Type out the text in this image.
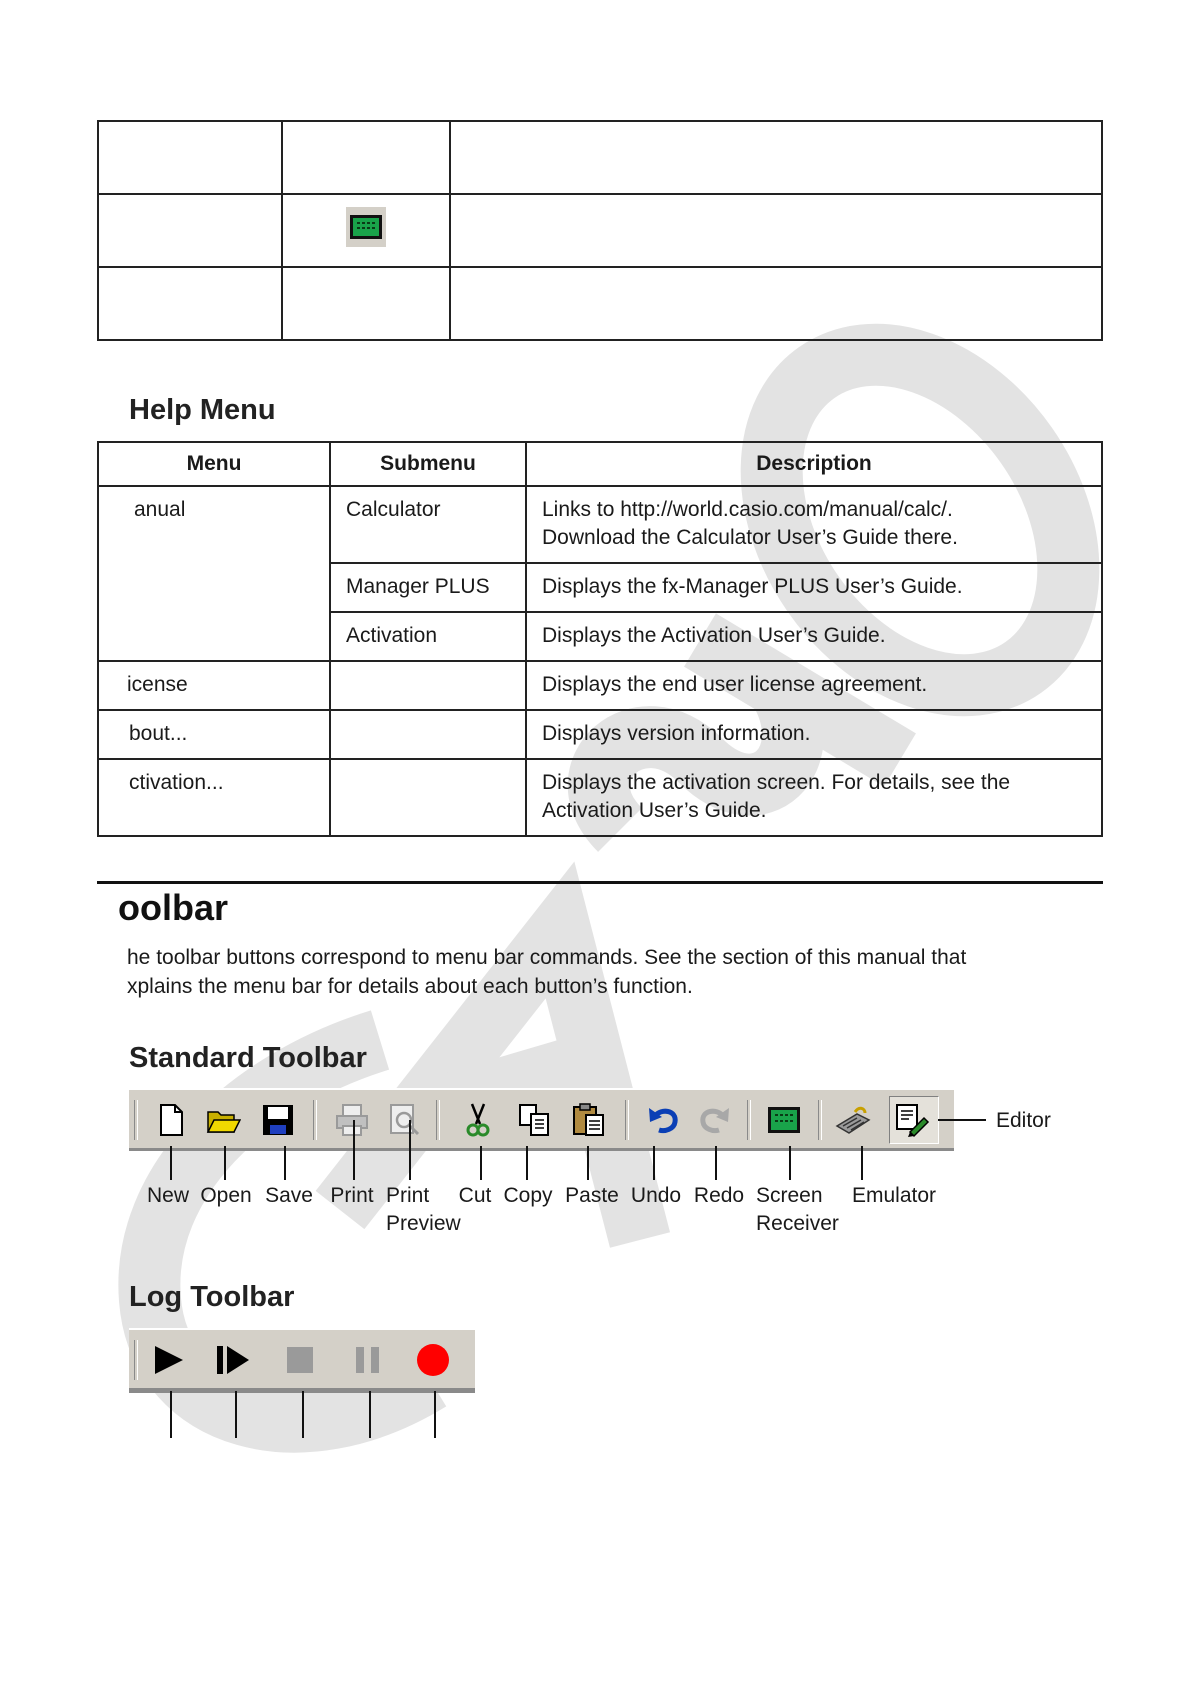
Help Menu
Menu	Submenu	Description
anual	Calculator	Links to http://world.casio.com/manual/calc/.
Download the Calculator User’s Guide there.
	Manager PLUS	Displays the fx-Manager PLUS User’s Guide.
	Activation	Displays the Activation User’s Guide.
icense		Displays the end user license agreement.
bout...		Displays version information.
ctivation...		Displays the activation screen. For details, see the
Activation User’s Guide.
oolbar
he toolbar buttons correspond to menu bar commands. See the section of this manual that
xplains the menu bar for details about each button’s function.
Standard Toolbar
New Open Save Print Print
Preview
Cut Copy Paste Undo Redo Screen
Receiver
Emulator
Editor
Log Toolbar
